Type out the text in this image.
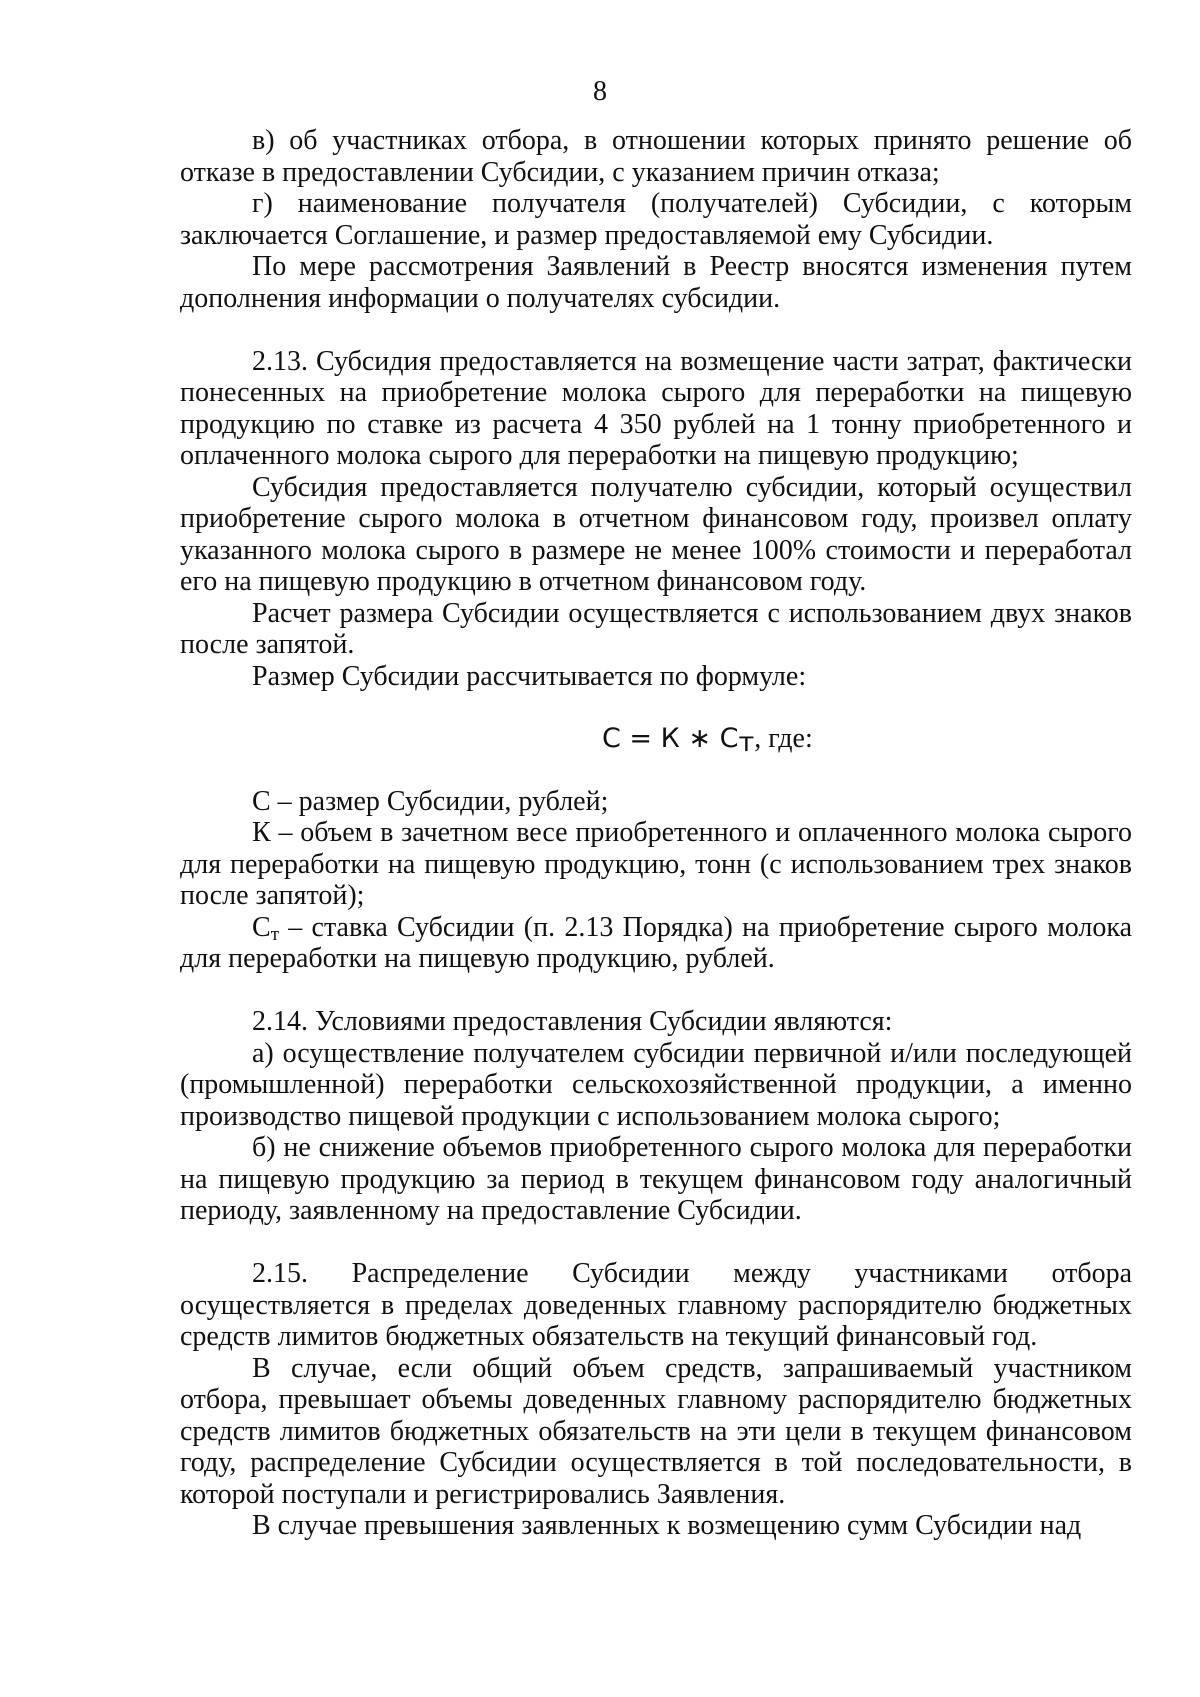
8

в) об участниках отбора, в отношении которых принято решение об отказе в предоставлении Субсидии, с указанием причин отказа;

г) наименование получателя (получателей) Субсидии, с которым заключается Соглашение, и размер предоставляемой ему Субсидии.

По мере рассмотрения Заявлений в Реестр вносятся изменения путем дополнения информации о получателях субсидии.

2.13. Субсидия предоставляется на возмещение части затрат, фактически понесенных на приобретение молока сырого для переработки на пищевую продукцию по ставке из расчета 4 350 рублей на 1 тонну приобретенного и оплаченного молока сырого для переработки на пищевую продукцию;

Субсидия предоставляется получателю субсидии, который осуществил приобретение сырого молока в отчетном финансовом году, произвел оплату указанного молока сырого в размере не менее 100% стоимости и переработал его на пищевую продукцию в отчетном финансовом году.

Расчет размера Субсидии осуществляется с использованием двух знаков после запятой.

Размер Субсидии рассчитывается по формуле:

С = К ∗ $С_т$, где:

С – размер Субсидии, рублей;

К – объем в зачетном весе приобретенного и оплаченного молока сырого для переработки на пищевую продукцию, тонн (с использованием трех знаков после запятой);

$С_т$ – ставка Субсидии (п. 2.13 Порядка) на приобретение сырого молока для переработки на пищевую продукцию, рублей.

2.14. Условиями предоставления Субсидии являются:

а) осуществление получателем субсидии первичной и/или последующей (промышленной) переработки сельскохозяйственной продукции, а именно производство пищевой продукции с использованием молока сырого;

б) не снижение объемов приобретенного сырого молока для переработки на пищевую продукцию за период в текущем финансовом году аналогичный периоду, заявленному на предоставление Субсидии.

2.15. Распределение Субсидии между участниками отбора осуществляется в пределах доведенных главному распорядителю бюджетных средств лимитов бюджетных обязательств на текущий финансовый год.

В случае, если общий объем средств, запрашиваемый участником отбора, превышает объемы доведенных главному распорядителю бюджетных средств лимитов бюджетных обязательств на эти цели в текущем финансовом году, распределение Субсидии осуществляется в той последовательности, в которой поступали и регистрировались Заявления.

В случае превышения заявленных к возмещению сумм Субсидии над
